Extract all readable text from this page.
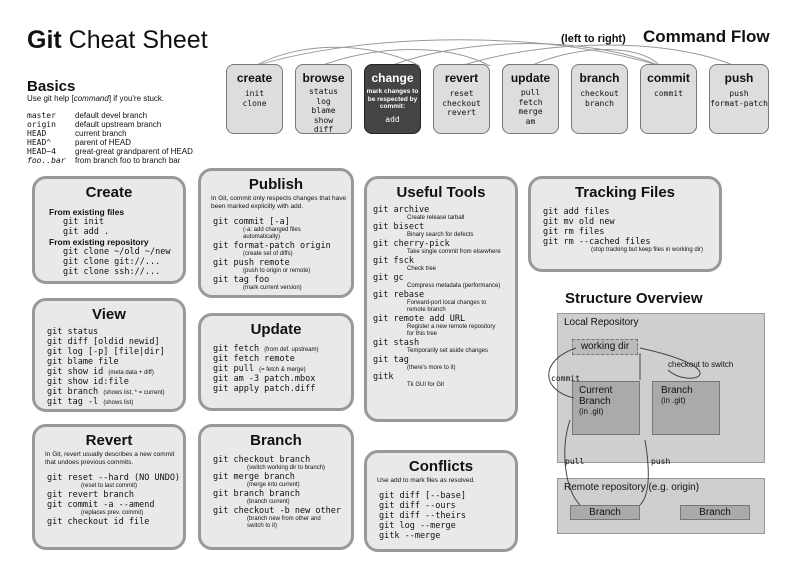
Git Cheat Sheet	(left to right) Command Flow
create
init
clone
browse
status
log
blame
show
diff
change
mark changes to be respected by commit:
add
revert
reset
checkout
revert
update
pull
fetch
merge
am
branch
checkout
branch
commit
commit
push
push
format-patch
Basics
Use git help [command] if you're stuck.
master default devel branch
origin default upstream branch
HEAD	current branch
HEAD^	parent of HEAD
HEAD~4 great-great grandparent of HEAD
foo..bar from branch foo to branch bar
Create
From existing files
git init
git add .
From existing repository
git clone ~/old ~/new
git clone git://...
git clone ssh://...
View
git status
git diff [oldid newid]
git log [-p] [file|dir]
git blame file
git show id (meta data + diff)
git show id:file
git branch (shows list, * = current)
git tag -l (shows list)
Revert
In Git, revert usually describes a new commit that undoes previous commits.
git reset --hard (NO UNDO)
(reset to last commit)
git revert branch
git commit -a --amend
(replaces prev. commit)
git checkout id file
Publish
In Git, commit only respects changes that have been marked explicitly with add.
git commit [-a]
(-a: add changed files automatically)
git format-patch origin
(create set of diffs)
git push remote
(push to origin or remote)
git tag foo
(mark current version)
Update
git fetch (from def. upstream)
git fetch remote
git pull (= fetch & merge)
git am -3 patch.mbox
git apply patch.diff
Branch
git checkout branch
(switch working dir to branch)
git merge branch
(merge into current)
git branch branch
(branch current)
git checkout -b new other
(branch new from other and switch to it)
Useful Tools
git archive
Create release tarball
git bisect
Binary search for defects
git cherry-pick
Take single commit from elsewhere
git fsck
Check tree
git gc
Compress metadata (performance)
git rebase
Forward-port local changes to remote branch
git remote add URL
Register a new remote repository for this tree
git stash
Temporarily set aside changes
git tag
(there's more to it)
gitk
Tk GUI for Git
Conflicts
Use add to mark files as resolved.
git diff [--base]
git diff --ours
git diff --theirs
git log --merge
gitk --merge
Tracking Files
git add files
git mv old new
git rm files
git rm --cached files
(stop tracking but keep files in working dir)
Structure Overview
Local Repository
working dir
Current Branch
(in .git)
Branch
(in .git)
checkout to switch
commit
pull	push
Remote repository (e.g. origin)
Branch	Branch
